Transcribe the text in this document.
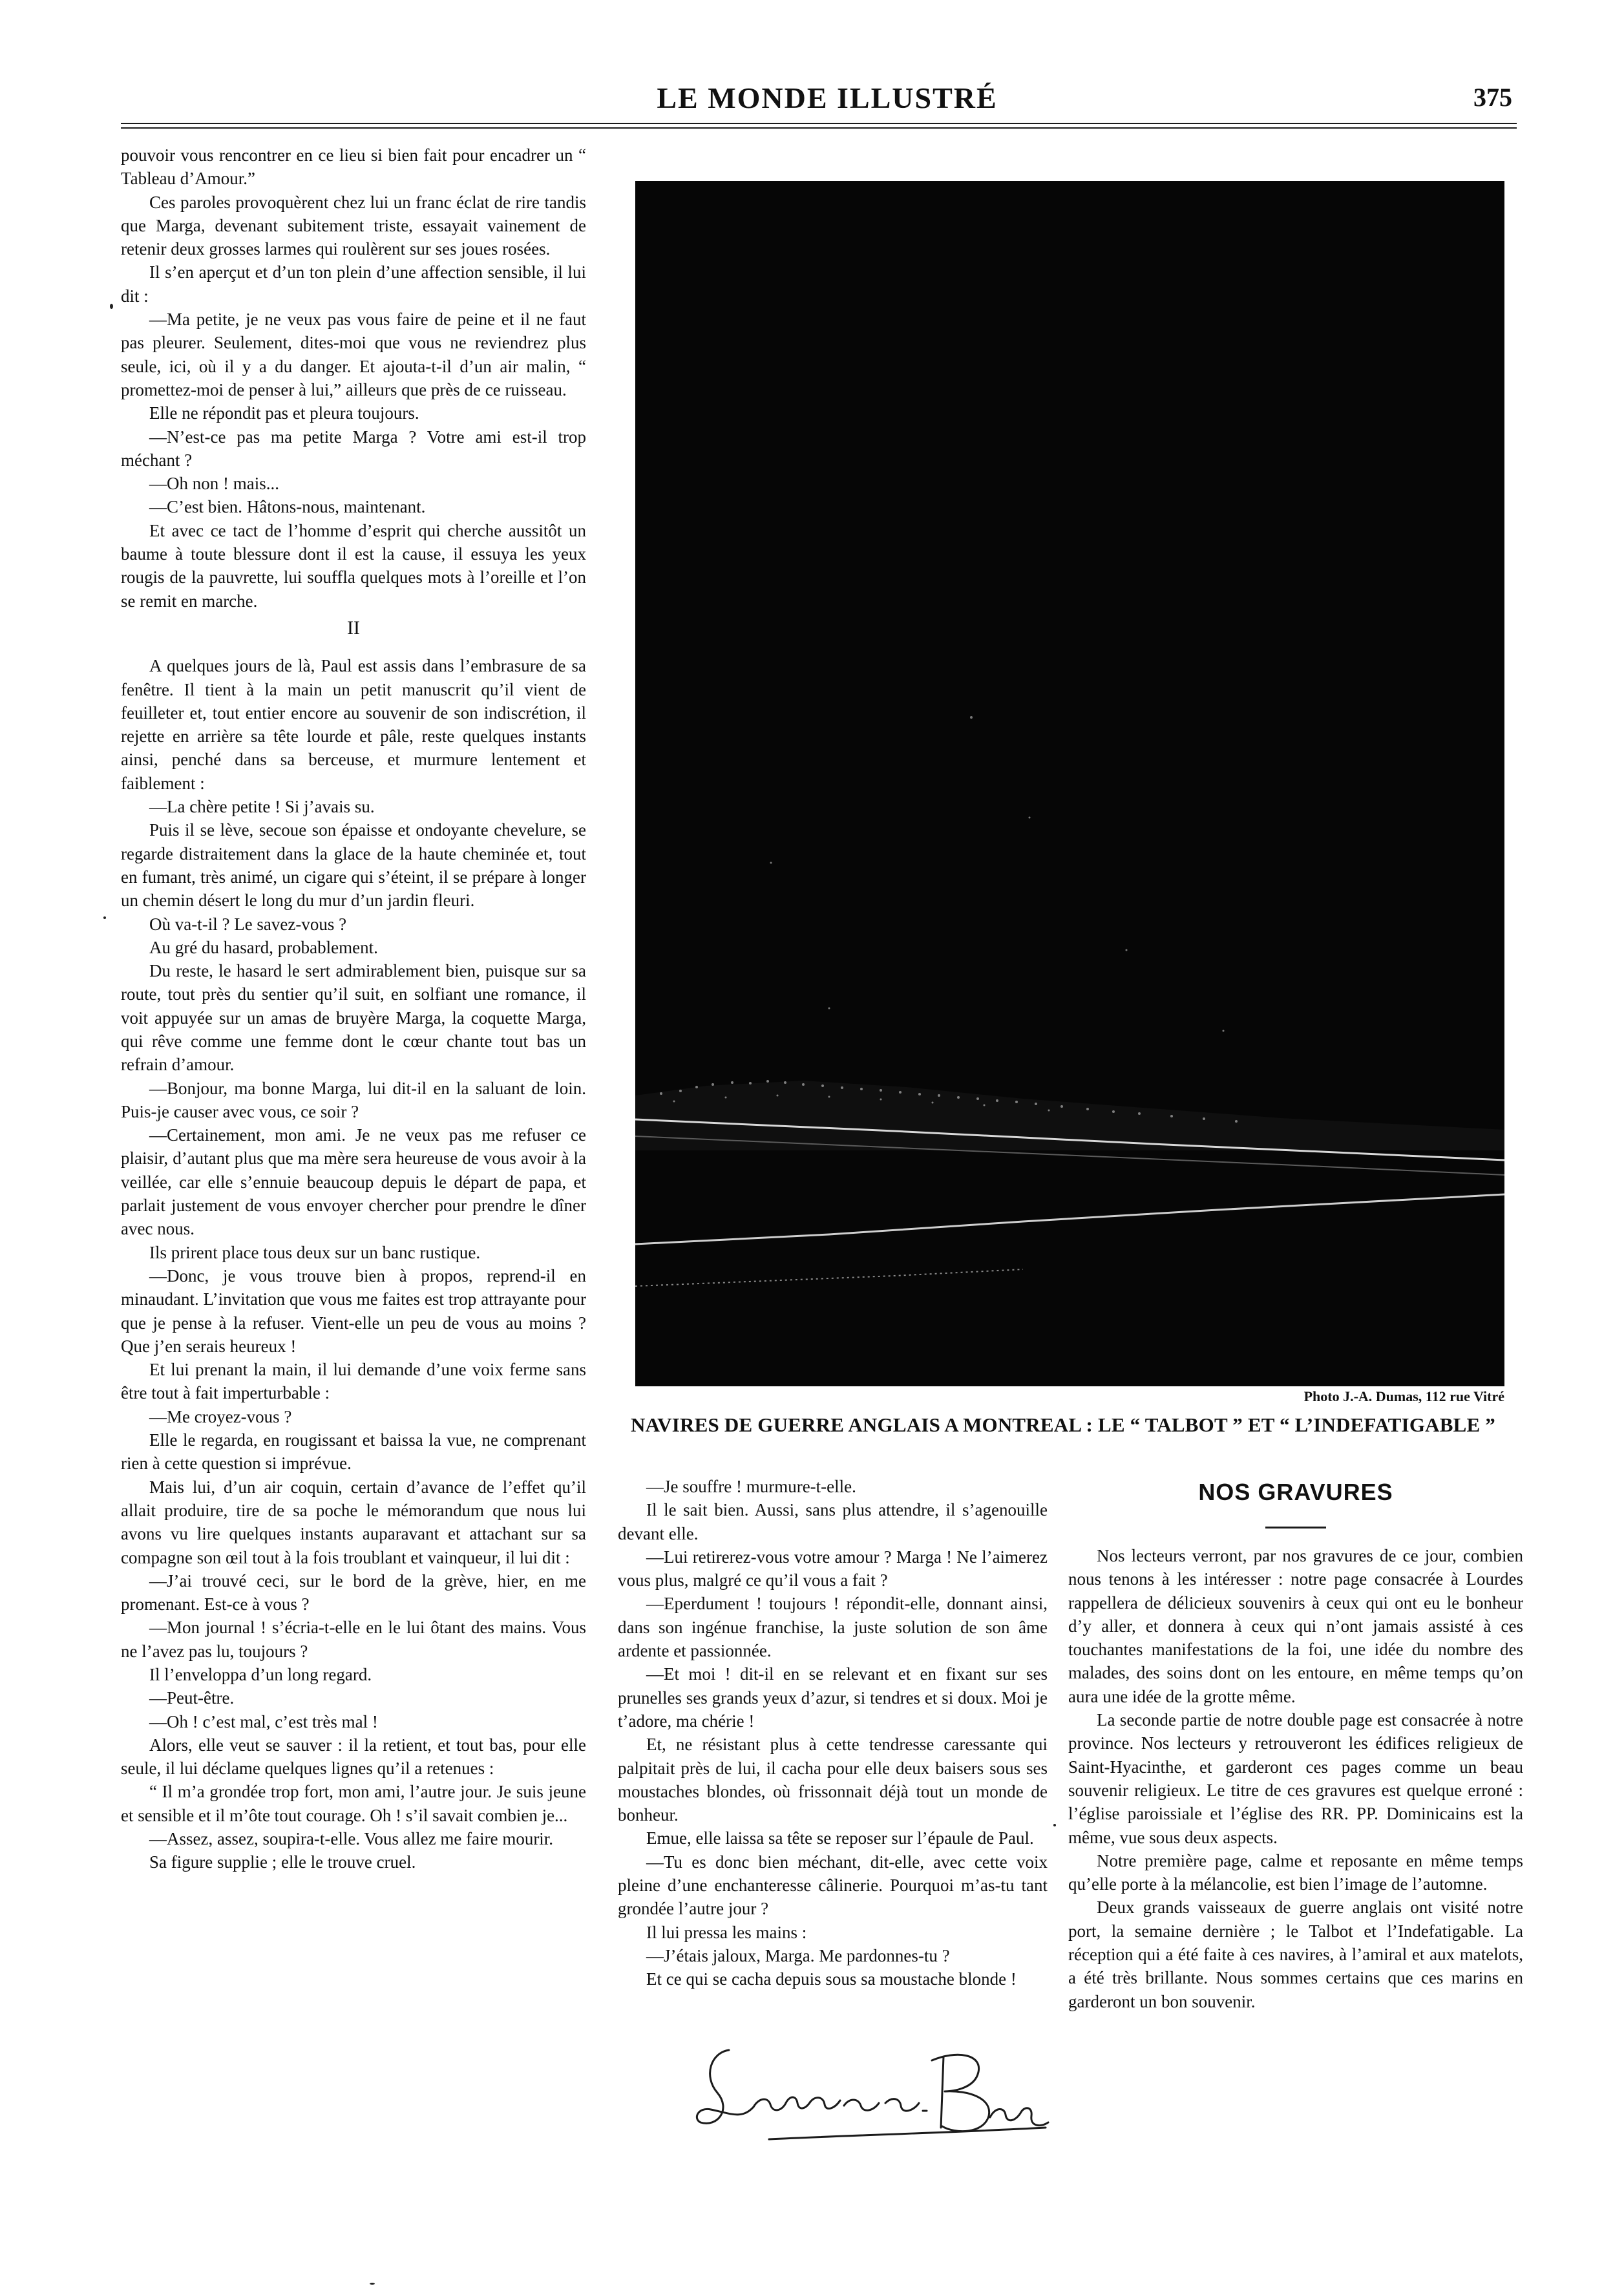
LE MONDE ILLUSTRÉ	375

pouvoir vous rencontrer en ce lieu si bien fait pour encadrer un “ Tableau d’Amour.”

Ces paroles provoquèrent chez lui un franc éclat de rire tandis que Marga, devenant subitement triste, essayait vainement de retenir deux grosses larmes qui roulèrent sur ses joues rosées.

Il s’en aperçut et d’un ton plein d’une affection sensible, il lui dit :

—Ma petite, je ne veux pas vous faire de peine et il ne faut pas pleurer. Seulement, dites-moi que vous ne reviendrez plus seule, ici, où il y a du danger. Et ajouta-t-il d’un air malin, “ promettez-moi de penser à lui,” ailleurs que près de ce ruisseau.

Elle ne répondit pas et pleura toujours.

—N’est-ce pas ma petite Marga ? Votre ami est-il trop méchant ?

—Oh non ! mais...

—C’est bien. Hâtons-nous, maintenant.

Et avec ce tact de l’homme d’esprit qui cherche aussitôt un baume à toute blessure dont il est la cause, il essuya les yeux rougis de la pauvrette, lui souffla quelques mots à l’oreille et l’on se remit en marche.

II

A quelques jours de là, Paul est assis dans l’embrasure de sa fenêtre. Il tient à la main un petit manuscrit qu’il vient de feuilleter et, tout entier encore au souvenir de son indiscrétion, il rejette en arrière sa tête lourde et pâle, reste quelques instants ainsi, penché dans sa berceuse, et murmure lentement et faiblement :

—La chère petite ! Si j’avais su.

Puis il se lève, secoue son épaisse et ondoyante chevelure, se regarde distraitement dans la glace de la haute cheminée et, tout en fumant, très animé, un cigare qui s’éteint, il se prépare à longer un chemin désert le long du mur d’un jardin fleuri.

Où va-t-il ? Le savez-vous ?

Au gré du hasard, probablement.

Du reste, le hasard le sert admirablement bien, puisque sur sa route, tout près du sentier qu’il suit, en solfiant une romance, il voit appuyée sur un amas de bruyère Marga, la coquette Marga, qui rêve comme une femme dont le cœur chante tout bas un refrain d’amour.

—Bonjour, ma bonne Marga, lui dit-il en la saluant de loin. Puis-je causer avec vous, ce soir ?

—Certainement, mon ami. Je ne veux pas me refuser ce plaisir, d’autant plus que ma mère sera heureuse de vous avoir à la veillée, car elle s’ennuie beaucoup depuis le départ de papa, et parlait justement de vous envoyer chercher pour prendre le dîner avec nous.

Ils prirent place tous deux sur un banc rustique.

—Donc, je vous trouve bien à propos, reprend-il en minaudant. L’invitation que vous me faites est trop attrayante pour que je pense à la refuser. Vient-elle un peu de vous au moins ? Que j’en serais heureux !

Et lui prenant la main, il lui demande d’une voix ferme sans être tout à fait imperturbable :

—Me croyez-vous ?

Elle le regarda, en rougissant et baissa la vue, ne comprenant rien à cette question si imprévue.

Mais lui, d’un air coquin, certain d’avance de l’effet qu’il allait produire, tire de sa poche le mémorandum que nous lui avons vu lire quelques instants auparavant et attachant sur sa compagne son œil tout à la fois troublant et vainqueur, il lui dit :

—J’ai trouvé ceci, sur le bord de la grève, hier, en me promenant. Est-ce à vous ?

—Mon journal ! s’écria-t-elle en le lui ôtant des mains. Vous ne l’avez pas lu, toujours ?

Il l’enveloppa d’un long regard.

—Peut-être.

—Oh ! c’est mal, c’est très mal !

Alors, elle veut se sauver : il la retient, et tout bas, pour elle seule, il lui déclame quelques lignes qu’il a retenues :

“ Il m’a grondée trop fort, mon ami, l’autre jour. Je suis jeune et sensible et il m’ôte tout courage. Oh ! s’il savait combien je...

—Assez, assez, soupira-t-elle. Vous allez me faire mourir.

Sa figure supplie ; elle le trouve cruel.

Photo J.-A. Dumas, 112 rue Vitré
NAVIRES DE GUERRE ANGLAIS A MONTREAL : LE “ TALBOT ” ET “ L’INDEFATIGABLE ”

—Je souffre ! murmure-t-elle.

Il le sait bien. Aussi, sans plus attendre, il s’agenouille devant elle.

—Lui retirerez-vous votre amour ? Marga ! Ne l’aimerez vous plus, malgré ce qu’il vous a fait ?

—Eperdument ! toujours ! répondit-elle, donnant ainsi, dans son ingénue franchise, la juste solution de son âme ardente et passionnée.

—Et moi ! dit-il en se relevant et en fixant sur ses prunelles ses grands yeux d’azur, si tendres et si doux. Moi je t’adore, ma chérie !

Et, ne résistant plus à cette tendresse caressante qui palpitait près de lui, il cacha pour elle deux baisers sous ses moustaches blondes, où frissonnait déjà tout un monde de bonheur.

Emue, elle laissa sa tête se reposer sur l’épaule de Paul.

—Tu es donc bien méchant, dit-elle, avec cette voix pleine d’une enchanteresse câlinerie. Pourquoi m’as-tu tant grondée l’autre jour ?

Il lui pressa les mains :

—J’étais jaloux, Marga. Me pardonnes-tu ?

Et ce qui se cacha depuis sous sa moustache blonde !

NOS GRAVURES

Nos lecteurs verront, par nos gravures de ce jour, combien nous tenons à les intéresser : notre page consacrée à Lourdes rappellera de délicieux souvenirs à ceux qui ont eu le bonheur d’y aller, et donnera à ceux qui n’ont jamais assisté à ces touchantes manifestations de la foi, une idée du nombre des malades, des soins dont on les entoure, en même temps qu’on aura une idée de la grotte même.

La seconde partie de notre double page est consacrée à notre province. Nos lecteurs y retrouveront les édifices religieux de Saint-Hyacinthe, et garderont ces pages comme un beau souvenir religieux. Le titre de ces gravures est quelque erroné : l’église paroissiale et l’église des RR. PP. Dominicains est la même, vue sous deux aspects.

Notre première page, calme et reposante en même temps qu’elle porte à la mélancolie, est bien l’image de l’automne.

Deux grands vaisseaux de guerre anglais ont visité notre port, la semaine dernière ; le Talbot et l’Indefatigable. La réception qui a été faite à ces navires, à l’amiral et aux matelots, a été très brillante. Nous sommes certains que ces marins en garderont un bon souvenir.
